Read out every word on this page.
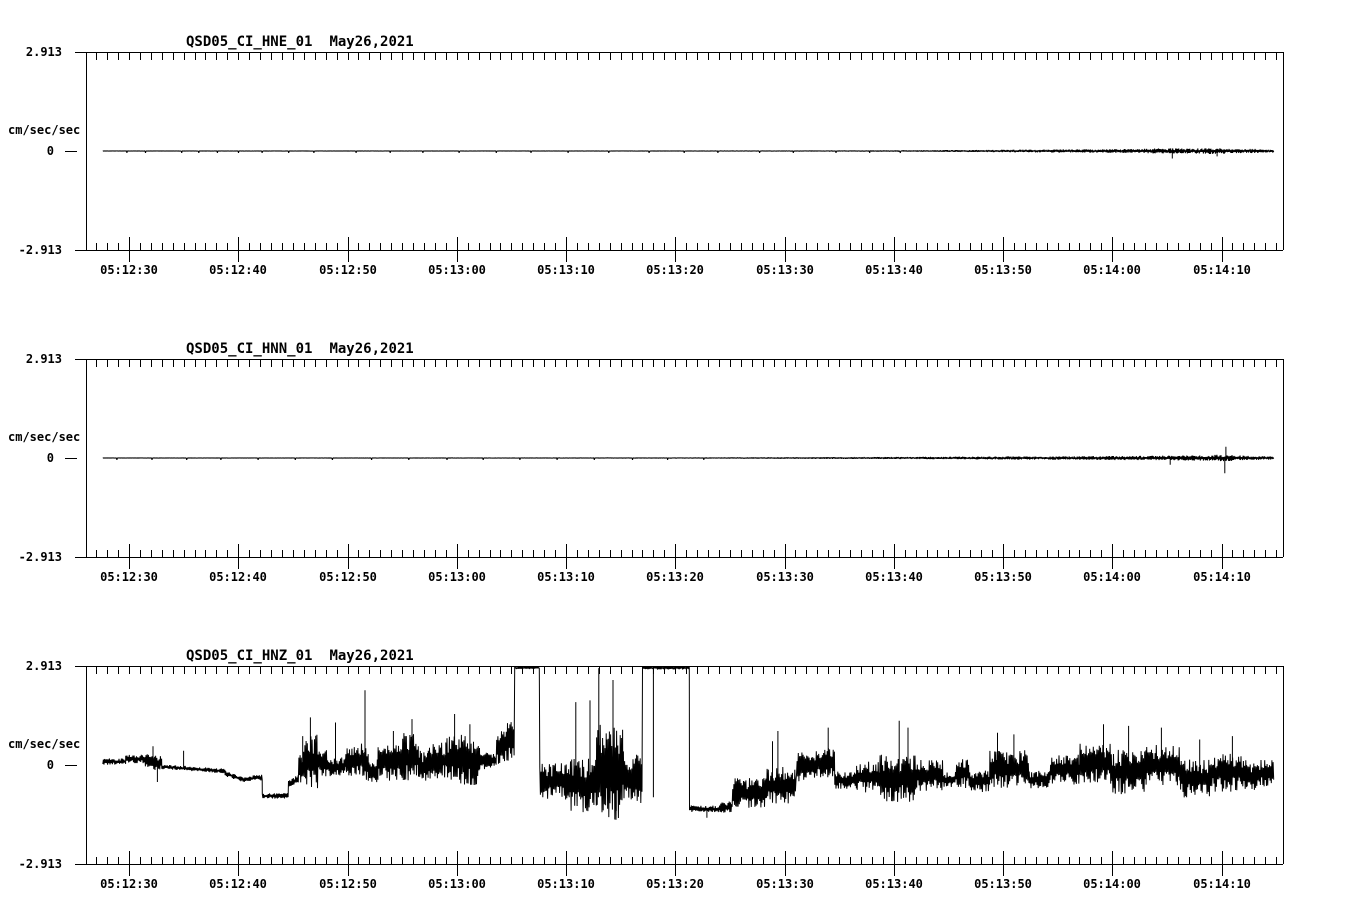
QSD05_CI_HNE_01 May26,2021
2.913
cm/sec/sec
0
-2.913
05:12:30	05:12:40	05:12:50	05:13:00	05:13:10	05:13:20	05:13:30	05:13:40	05:13:50	05:14:00	05:14:10
QSD05_CI_HNN_01 May26,2021
2.913
cm/sec/sec
0
-2.913
05:12:30	05:12:40	05:12:50	05:13:00	05:13:10	05:13:20	05:13:30	05:13:40	05:13:50	05:14:00	05:14:10
QSD05_CI_HNZ_01 May26,2021
2.913
cm/sec/sec
0
-2.913
05:12:30	05:12:40	05:12:50	05:13:00	05:13:10	05:13:20	05:13:30	05:13:40	05:13:50	05:14:00	05:14:10
